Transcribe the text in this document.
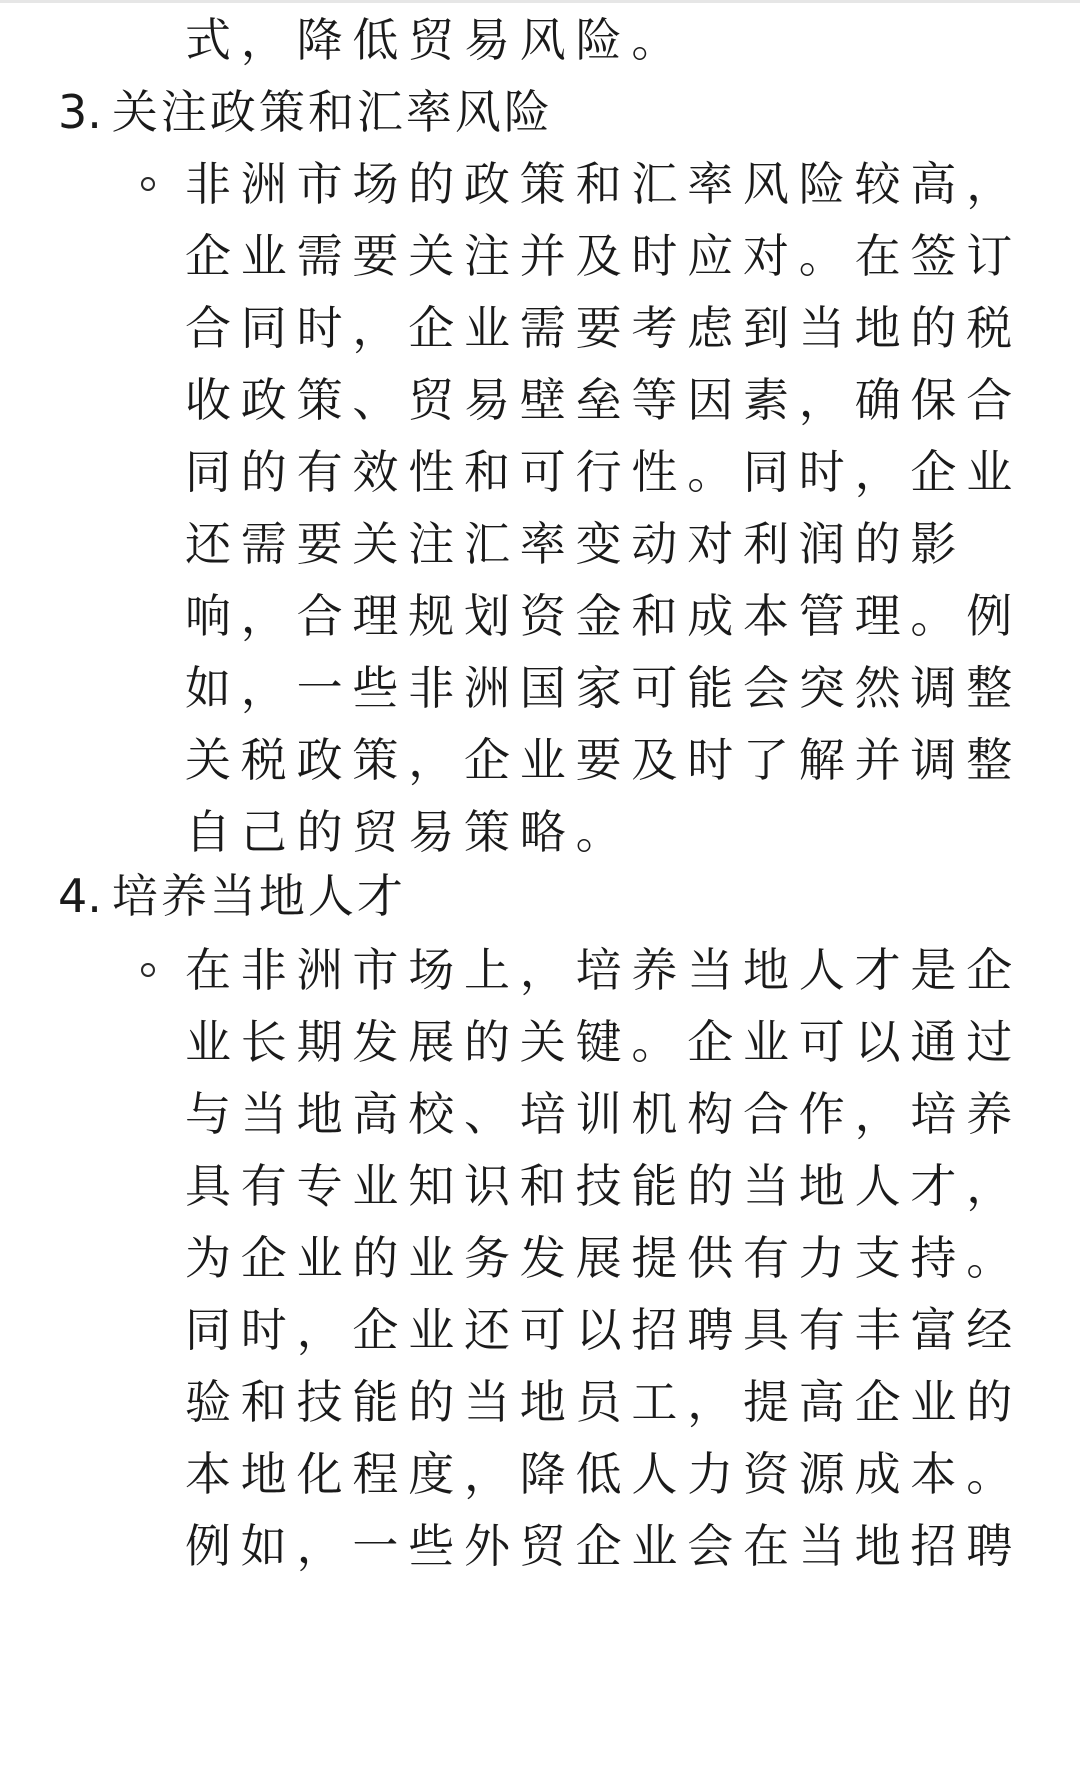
式，降低贸易风险。
3. 关注政策和汇率风险
非洲市场的政策和汇率风险较高，
企业需要关注并及时应对。在签订
合同时，企业需要考虑到当地的税
收政策、贸易壁垒等因素，确保合
同的有效性和可行性。同时，企业
还需要关注汇率变动对利润的影
响，合理规划资金和成本管理。例
如，一些非洲国家可能会突然调整
关税政策，企业要及时了解并调整
自己的贸易策略。
4. 培养当地人才
在非洲市场上，培养当地人才是企
业长期发展的关键。企业可以通过
与当地高校、培训机构合作，培养
具有专业知识和技能的当地人才，
为企业的业务发展提供有力支持。
同时，企业还可以招聘具有丰富经
验和技能的当地员工，提高企业的
本地化程度，降低人力资源成本。
例如，一些外贸企业会在当地招聘
